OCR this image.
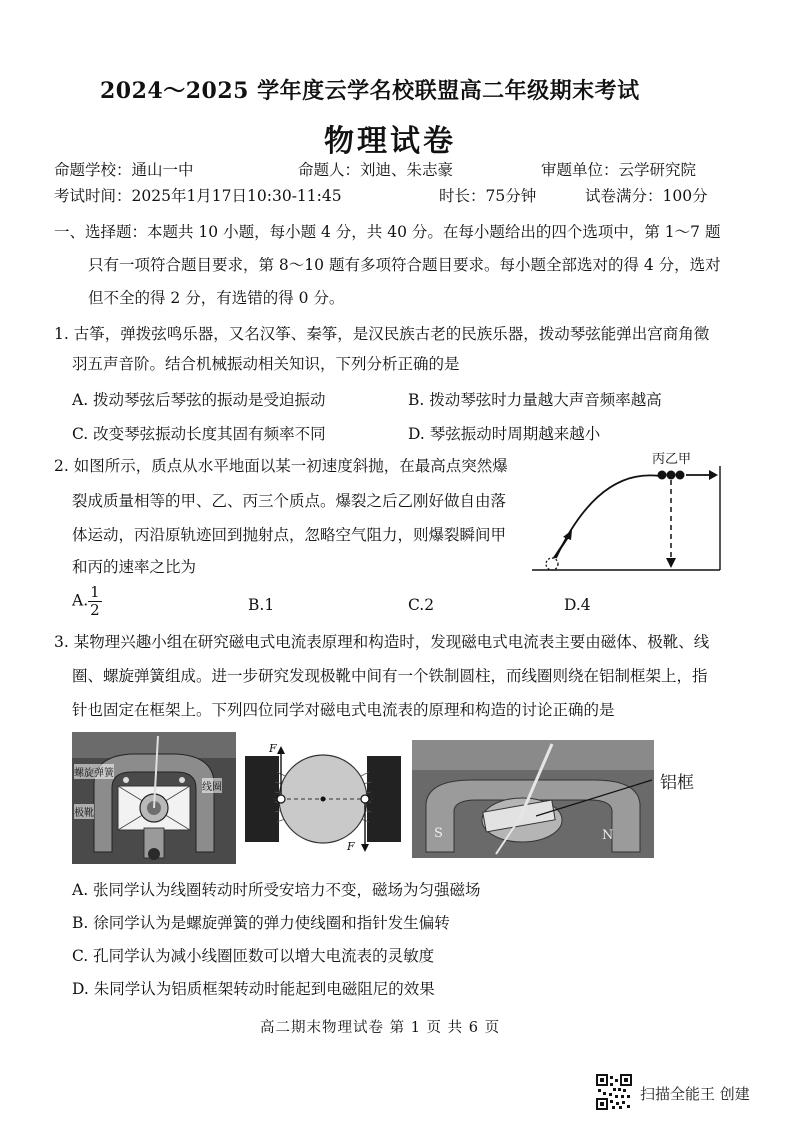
2024～2025 学年度云学名校联盟高二年级期末考试
物理试卷
命题学校：通山一中	命题人：刘迪、朱志豪	审题单位：云学研究院
考试时间：2025年1月17日10:30-11:45	时长：75分钟	试卷满分：100分
一、选择题：本题共 10 小题，每小题 4 分，共 40 分。在每小题给出的四个选项中，第 1～7 题
只有一项符合题目要求，第 8～10 题有多项符合题目要求。每小题全部选对的得 4 分，选对
但不全的得 2 分，有选错的得 0 分。
1. 古筝，弹拨弦鸣乐器，又名汉筝、秦筝，是汉民族古老的民族乐器，拨动琴弦能弹出宫商角徵
羽五声音阶。结合机械振动相关知识，下列分析正确的是
A. 拨动琴弦后琴弦的振动是受迫振动	B. 拨动琴弦时力量越大声音频率越高
C. 改变琴弦振动长度其固有频率不同	D. 琴弦振动时周期越来越小
2. 如图所示，质点从水平地面以某一初速度斜抛，在最高点突然爆
裂成质量相等的甲、乙、丙三个质点。爆裂之后乙刚好做自由落
体运动，丙沿原轨迹回到抛射点，忽略空气阻力，则爆裂瞬间甲
和丙的速率之比为
丙乙甲
A. $\frac{1}{2}$	B.1	C.2	D.4
3. 某物理兴趣小组在研究磁电式电流表原理和构造时，发现磁电式电流表主要由磁体、极靴、线
圈、螺旋弹簧组成。进一步研究发现极靴中间有一个铁制圆柱，而线圈则绕在铝制框架上，指
针也固定在框架上。下列四位同学对磁电式电流表的原理和构造的讨论正确的是
螺旋弹簧
线圈
极靴
F
F
S	N
铝框
A. 张同学认为线圈转动时所受安培力不变，磁场为匀强磁场
B. 徐同学认为是螺旋弹簧的弹力使线圈和指针发生偏转
C. 孔同学认为减小线圈匝数可以增大电流表的灵敏度
D. 朱同学认为铝质框架转动时能起到电磁阻尼的效果
高二期末物理试卷 第 1 页 共 6 页
扫描全能王 创建
